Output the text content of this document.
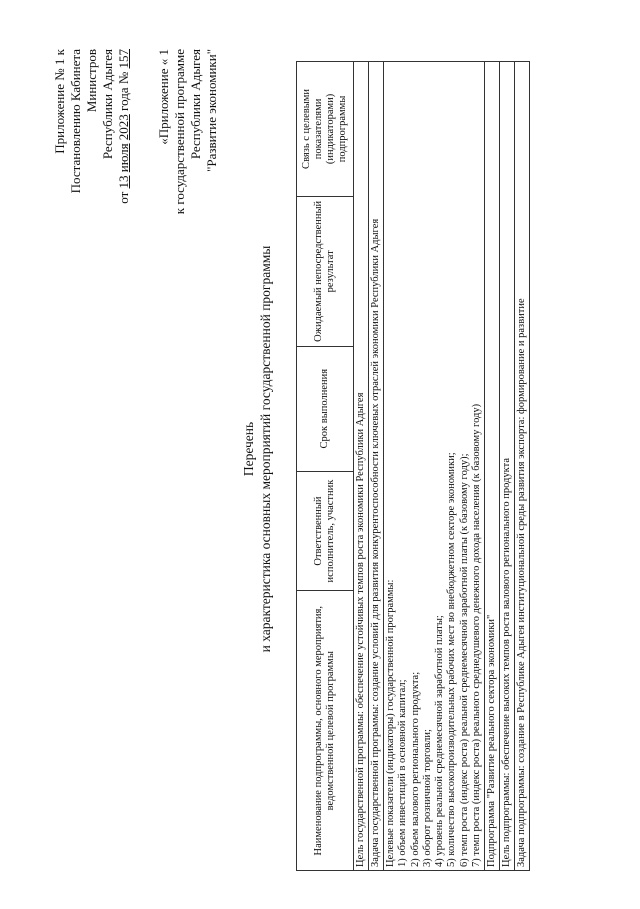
Приложение № 1 к Постановлению Кабинета Министров Республики Адыгея
от 13 июля 2023 года № 157 «Приложение « 1 к государственной программе Республики Адыгея "Развитие экономики"
Перечень и характеристика основных мероприятий государственной программы
Наименование подпрограммы, основного мероприятия, ведомственной целевой программы	Ответственный исполнитель, участник	Срок выполнения	Ожидаемый непосредственный результат	Связь с целевыми показателями (индикаторами) подпрограммы
Цель государственной программы: обеспечение устойчивых темпов роста экономики Республики Адыгея
Задача государственной программы: создание условий для развития конкурентоспособности ключевых отраслей экономики Республики Адыгея

Целевые показатели (индикаторы) государственной программы: 1) объем инвестиций в основной капитал; 2) объем валового регионального продукта; 3) оборот розничной торговли; 4) уровень реальной среднемесячной заработной платы; 5) количество высокопроизводительных рабочих мест во внебюджетном секторе экономики; 6) темп роста (индекс роста) реальной среднемесячной заработной платы (к базовому году); 7) темп роста (индекс роста) реального среднедушевого денежного дохода населения (к базовому году)

Подпрограмма "Развитие реального сектора экономики"
Цель подпрограммы: обеспечение высоких темпов роста валового регионального продукта
Задача подпрограммы: создание в Республике Адыгея институциональной среды развития экспорта: формирование и развитие
